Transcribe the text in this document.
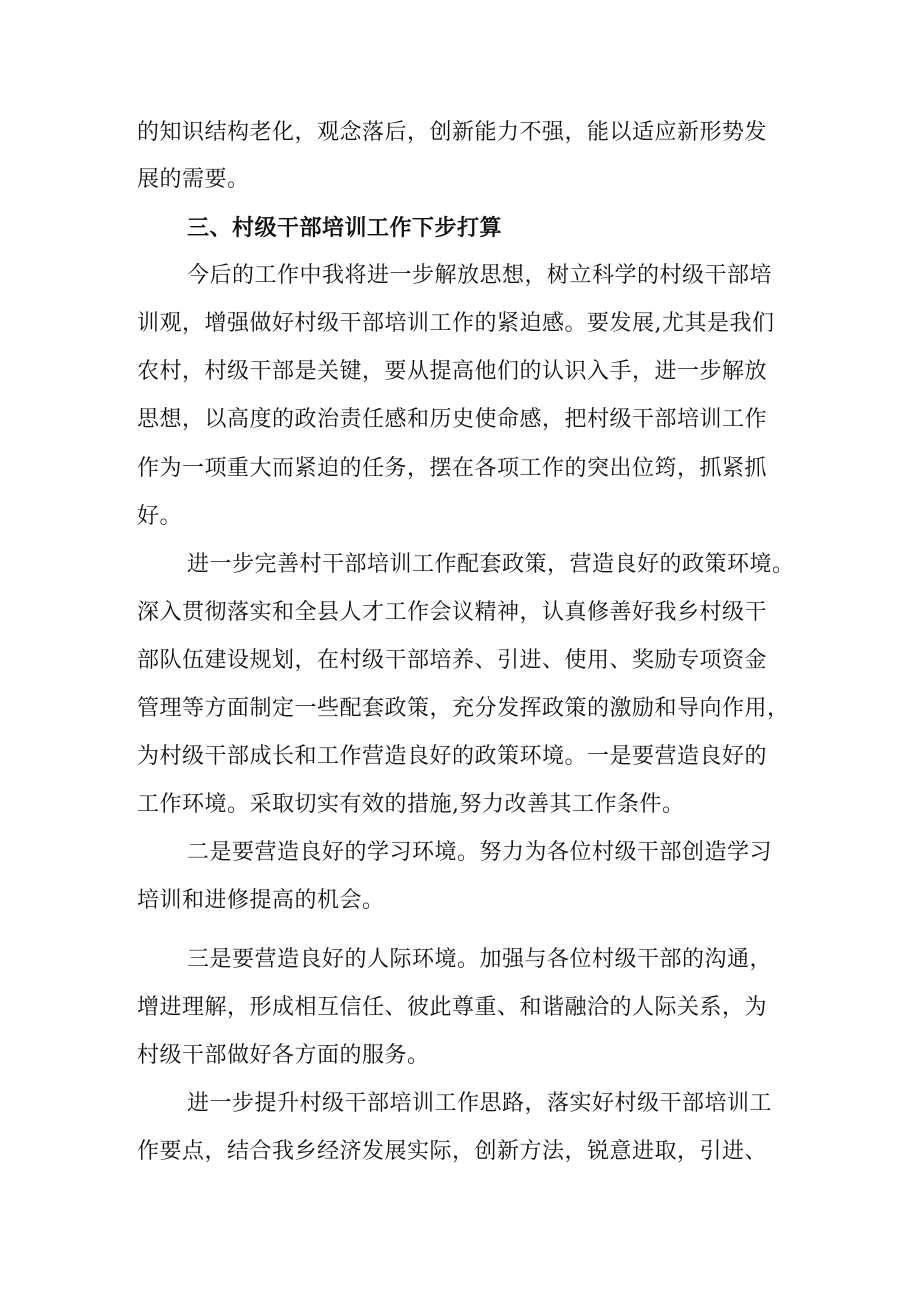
的知识结构老化，观念落后，创新能力不强，能以适应新形势发
展的需要。
三、村级干部培训工作下步打算
今后的工作中我将进一步解放思想，树立科学的村级干部培
训观，增强做好村级干部培训工作的紧迫感。要发展,尤其是我们
农村，村级干部是关键，要从提高他们的认识入手，进一步解放
思想，以高度的政治责任感和历史使命感，把村级干部培训工作
作为一项重大而紧迫的任务，摆在各项工作的突出位筠，抓紧抓
好。
进一步完善村干部培训工作配套政策，营造良好的政策环境。
深入贯彻落实和全县人才工作会议精神，认真修善好我乡村级干
部队伍建设规划，在村级干部培养、引进、使用、奖励专项资金
管理等方面制定一些配套政策，充分发挥政策的激励和导向作用，
为村级干部成长和工作营造良好的政策环境。一是要营造良好的
工作环境。采取切实有效的措施,努力改善其工作条件。
二是要营造良好的学习环境。努力为各位村级干部创造学习
培训和进修提高的机会。
三是要营造良好的人际环境。加强与各位村级干部的沟通，
增进理解，形成相互信任、彼此尊重、和谐融洽的人际关系，为
村级干部做好各方面的服务。
进一步提升村级干部培训工作思路，落实好村级干部培训工
作要点，结合我乡经济发展实际，创新方法，锐意进取，引进、
